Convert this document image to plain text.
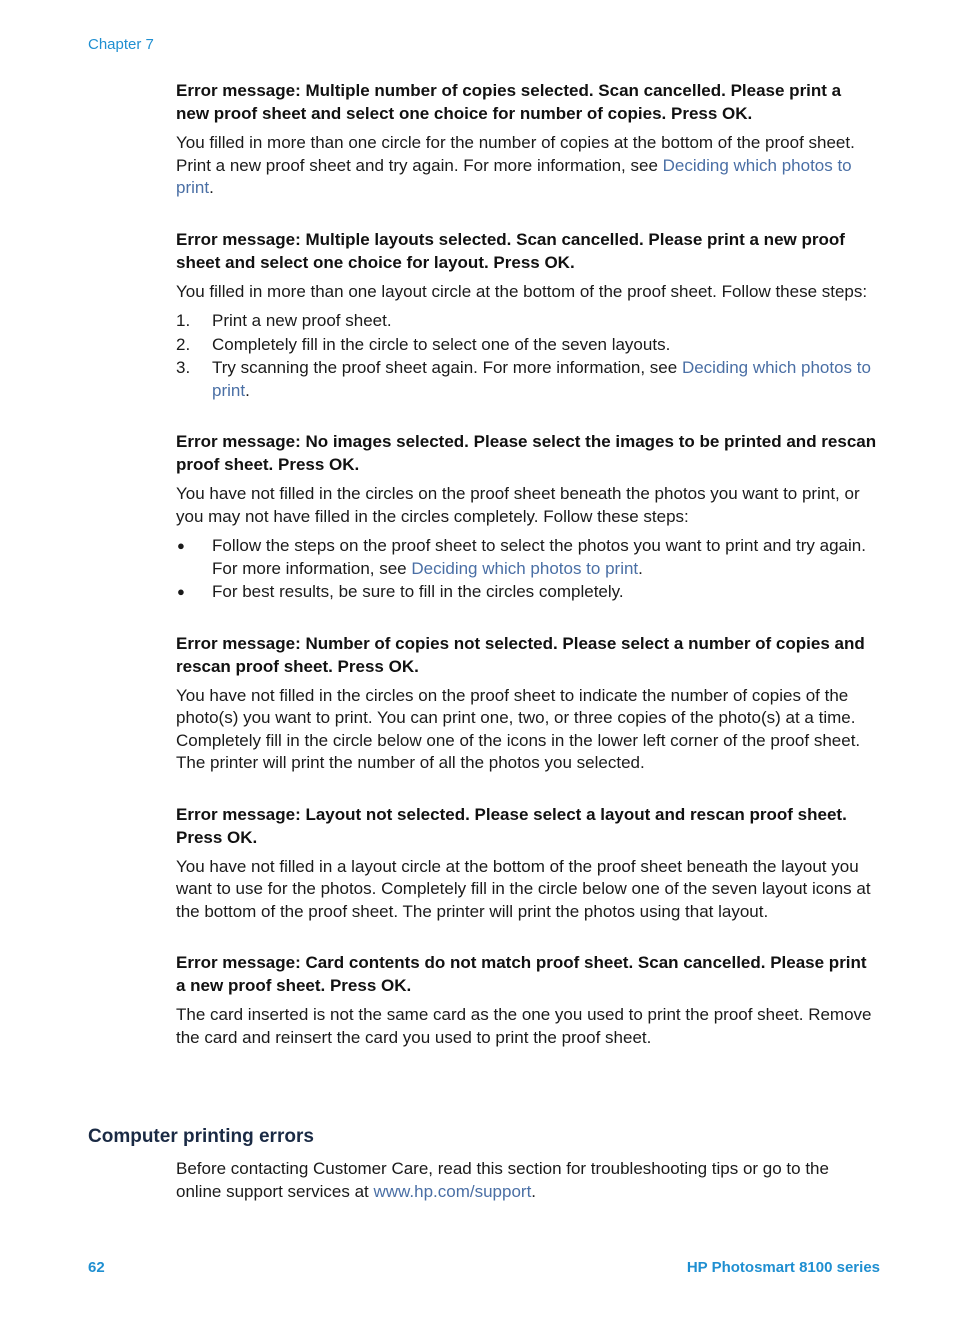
Chapter 7
Error message: Multiple number of copies selected. Scan cancelled. Please print a new proof sheet and select one choice for number of copies. Press OK.

You filled in more than one circle for the number of copies at the bottom of the proof sheet. Print a new proof sheet and try again. For more information, see Deciding which photos to print.

Error message: Multiple layouts selected. Scan cancelled. Please print a new proof sheet and select one choice for layout. Press OK.

You filled in more than one layout circle at the bottom of the proof sheet. Follow these steps:

1. Print a new proof sheet.
2. Completely fill in the circle to select one of the seven layouts.
3. Try scanning the proof sheet again. For more information, see Deciding which photos to print.
Error message: No images selected. Please select the images to be printed and rescan proof sheet. Press OK.

You have not filled in the circles on the proof sheet beneath the photos you want to print, or you may not have filled in the circles completely. Follow these steps:

● Follow the steps on the proof sheet to select the photos you want to print and try again. For more information, see Deciding which photos to print.
● For best results, be sure to fill in the circles completely.
Error message: Number of copies not selected. Please select a number of copies and rescan proof sheet. Press OK.

You have not filled in the circles on the proof sheet to indicate the number of copies of the photo(s) you want to print. You can print one, two, or three copies of the photo(s) at a time. Completely fill in the circle below one of the icons in the lower left corner of the proof sheet. The printer will print the number of all the photos you selected.

Error message: Layout not selected. Please select a layout and rescan proof sheet. Press OK.

You have not filled in a layout circle at the bottom of the proof sheet beneath the layout you want to use for the photos. Completely fill in the circle below one of the seven layout icons at the bottom of the proof sheet. The printer will print the photos using that layout.

Error message: Card contents do not match proof sheet. Scan cancelled. Please print a new proof sheet. Press OK.

The card inserted is not the same card as the one you used to print the proof sheet. Remove the card and reinsert the card you used to print the proof sheet.

Computer printing errors

Before contacting Customer Care, read this section for troubleshooting tips or go to the online support services at www.hp.com/support.

62	HP Photosmart 8100 series
